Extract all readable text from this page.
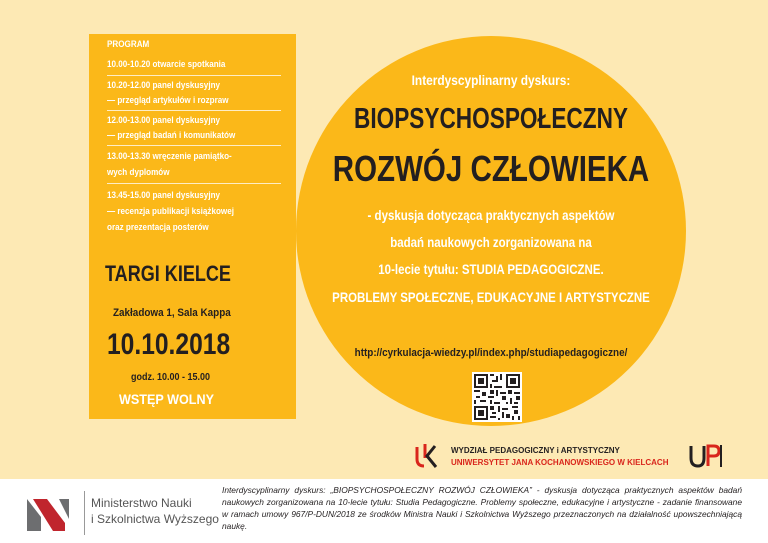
PROGRAM
10.00-10.20 otwarcie spotkania
10.20-12.00 panel dyskusyjny
— przegląd artykułów i rozpraw
12.00-13.00 panel dyskusyjny
— przegląd badań i komunikatów
13.00-13.30 wręczenie pamiątko-
wych dyplomów
13.45-15.00 panel dyskusyjny
— recenzja publikacji książkowej
oraz prezentacja posterów
TARGI KIELCE
Zakładowa 1, Sala Kappa
10.10.2018
godz. 10.00 - 15.00
WSTĘP WOLNY
Interdyscyplinarny dyskurs:
BIOPSYCHOSPOŁECZNY
ROZWÓJ CZŁOWIEKA
- dyskusja dotycząca praktycznych aspektów
badań naukowych zorganizowana na
10-lecie tytułu: STUDIA PEDAGOGICZNE.
PROBLEMY SPOŁECZNE, EDUKACYJNE I ARTYSTYCZNE
http://cyrkulacja-wiedzy.pl/index.php/studiapedagogiczne/
WYDZIAŁ PEDAGOGICZNY i ARTYSTYCZNY
UNIWERSYTET JANA KOCHANOWSKIEGO W KIELCACH
Ministerstwo Nauki
i Szkolnictwa Wyższego
Interdyscyplinarny dyskurs: „BIOPSYCHOSPOŁECZNY ROZWÓJ CZŁOWIEKA” - dyskusja dotycząca praktycznych aspektów badań naukowych zorganizowana na 10-lecie tytułu: Studia Pedagogiczne. Problemy społeczne, edukacyjne i artystyczne - zadanie finansowane w ramach umowy 967/P-DUN/2018 ze środków Ministra Nauki i Szkolnictwa Wyższego przeznaczonych na działalność upowszechniającą naukę.
